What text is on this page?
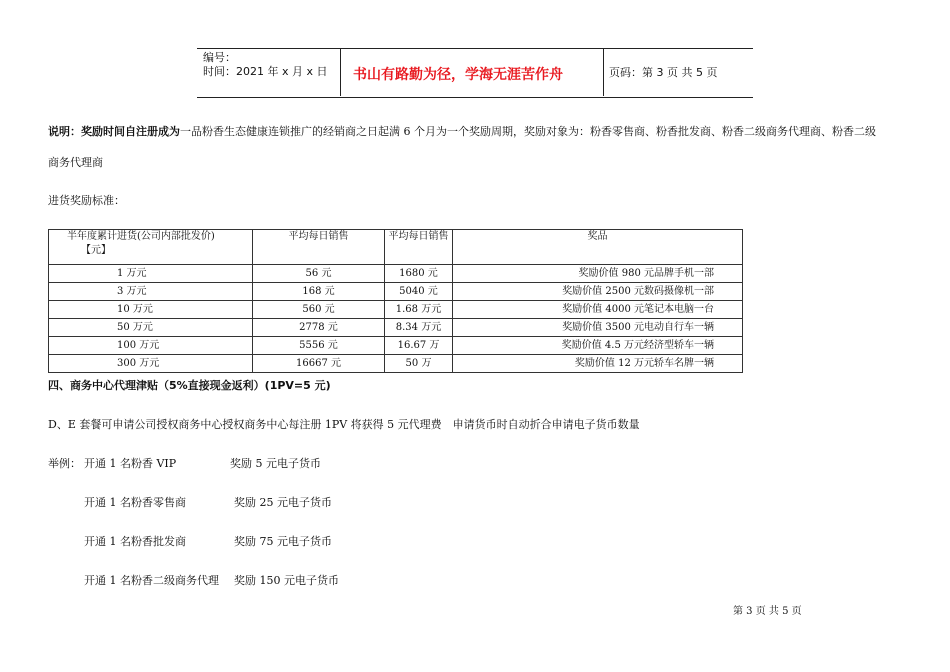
编号：
时间：2021 年 x 月 x 日 书山有路勤为径，学海无涯苦作舟	页码：第 3 页 共 5 页
说明：奖励时间自注册成为一品粉香生态健康连锁推广的经销商之日起满 6 个月为一个奖励周期，奖励对象为：粉香零售商、粉香批发商、粉香二级商务代理商、粉香二级
商务代理商
进货奖励标准：
半年度累计进货(公司内部批发价)
【元】	平均每日销售	平均每日销售	奖品
1 万元	56 元	1680 元	奖励价值 980 元品牌手机一部
3 万元	168 元	5040 元	奖励价值 2500 元数码摄像机一部
10 万元	560 元	1.68 万元	奖励价值 4000 元笔记本电脑一台
50 万元	2778 元	8.34 万元	奖励价值 3500 元电动自行车一辆
100 万元	5556 元	16.67 万	奖励价值 4.5 万元经济型轿车一辆
300 万元	16667 元	50 万	奖励价值 12 万元轿车名牌一辆
四、商务中心代理津贴（5%直接现金返利）(1PV=5 元)
D、E 套餐可申请公司授权商务中心授权商务中心每注册 1PV 将获得 5 元代理费　申请货币时自动折合申请电子货币数量
举例： 开通 1 名粉香 VIP	奖励 5 元电子货币
开通 1 名粉香零售商	奖励 25 元电子货币
开通 1 名粉香批发商	奖励 75 元电子货币
开通 1 名粉香二级商务代理 奖励 150 元电子货币
第 3 页 共 5 页
